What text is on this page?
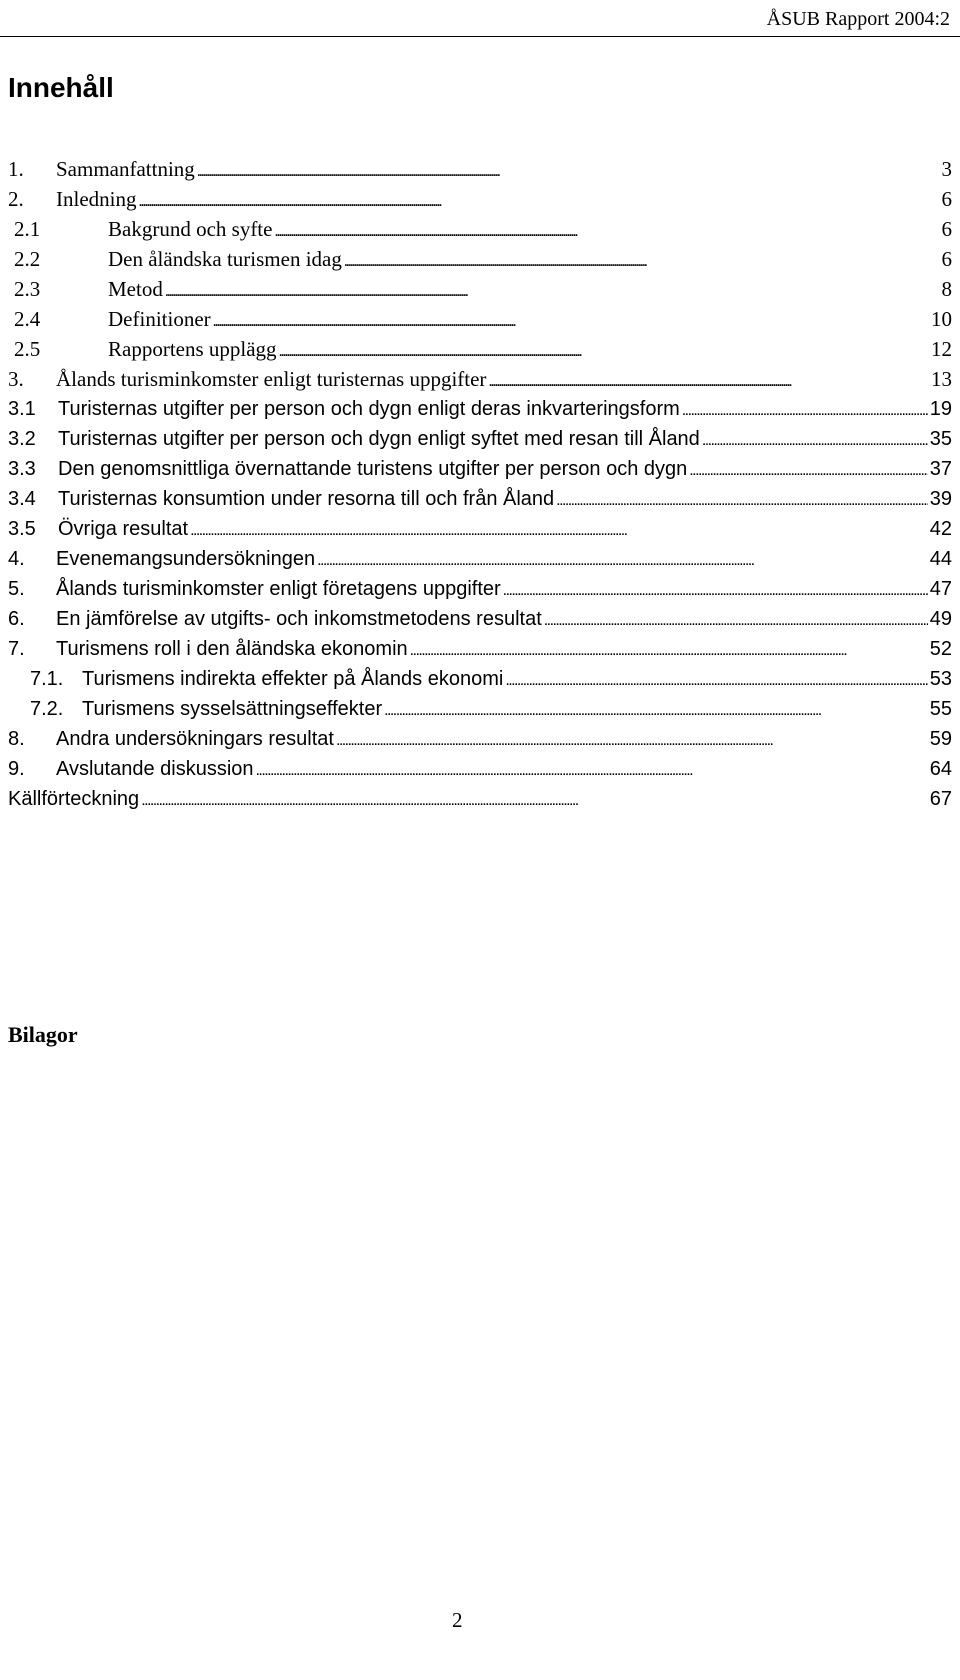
ÅSUB Rapport 2004:2
Innehåll
1.	Sammanfattning . . .	3
2.	Inledning . . .	6
2.1	Bakgrund och syfte . . .	6
2.2	Den åländska turismen idag . . .	6
2.3	Metod . . .	8
2.4	Definitioner . . .	10
2.5	Rapportens upplägg . . .	12
3.	Ålands turisminkomster enligt turisternas uppgifter . . .	13
3.1	Turisternas utgifter per person och dygn enligt deras inkvarteringsform . . .	19
3.2	Turisternas utgifter per person och dygn enligt syftet med resan till Åland . . .	35
3.3	Den genomsnittliga övernattande turistens utgifter per person och dygn . . .	37
3.4	Turisternas konsumtion under resorna till och från Åland . . .	39
3.5	Övriga resultat . . .	42
4.	Evenemangsundersökningen . . .	44
5.	Ålands turisminkomster enligt företagens uppgifter . . .	47
6.	En jämförelse av utgifts- och inkomstmetodens resultat . . .	49
7.	Turismens roll i den åländska ekonomin . . .	52
7.1. Turismens indirekta effekter på Ålands ekonomi . . .	53
7.2. Turismens sysselsättningseffekter . . .	55
8.	Andra undersökningars resultat . . .	59
9.	Avslutande diskussion . . .	64
Källförteckning . . .	67
Bilagor
2
